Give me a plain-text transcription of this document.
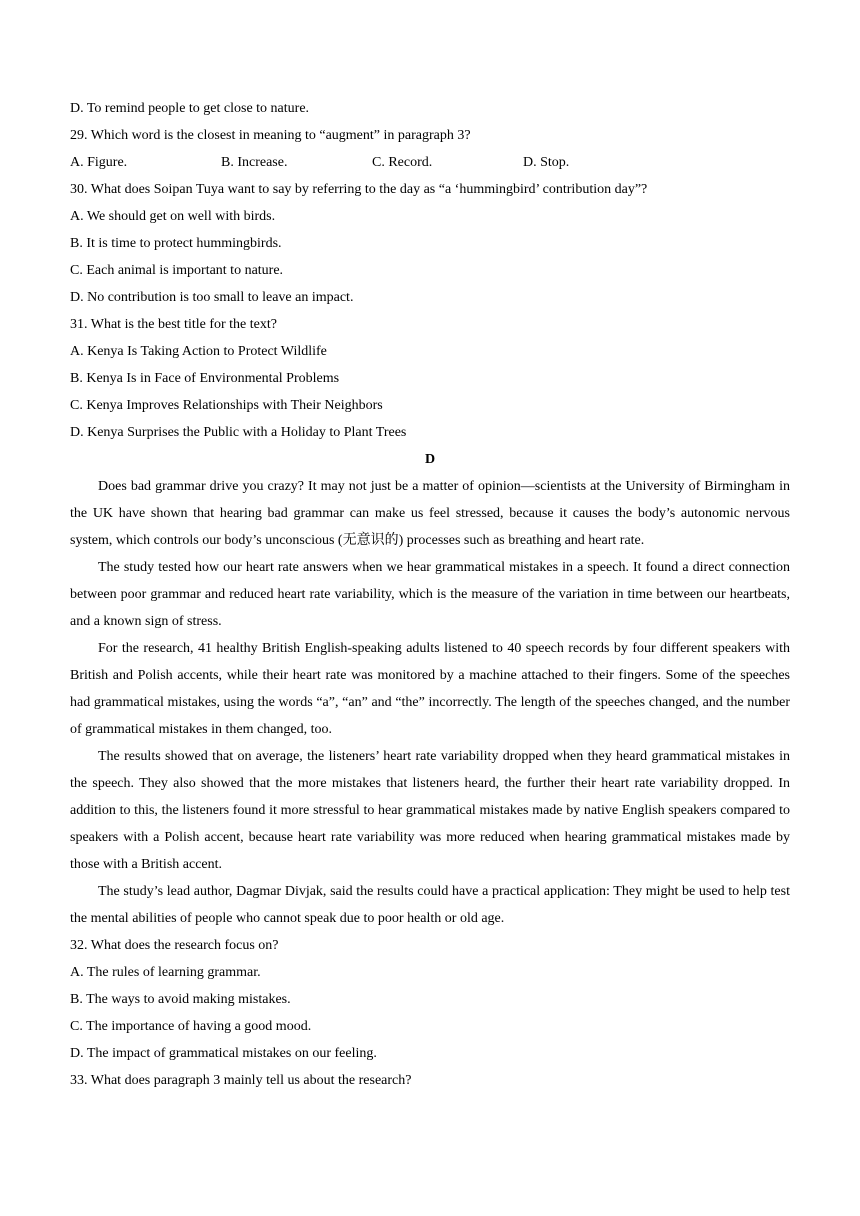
D. To remind people to get close to nature.
29. Which word is the closest in meaning to “augment” in paragraph 3?
A. Figure.	B. Increase.	C. Record.	D. Stop.
30. What does Soipan Tuya want to say by referring to the day as “a ‘hummingbird’ contribution day”?
A. We should get on well with birds.
B. It is time to protect hummingbirds.
C. Each animal is important to nature.
D. No contribution is too small to leave an impact.
31. What is the best title for the text?
A. Kenya Is Taking Action to Protect Wildlife
B. Kenya Is in Face of Environmental Problems
C. Kenya Improves Relationships with Their Neighbors
D. Kenya Surprises the Public with a Holiday to Plant Trees
D

Does bad grammar drive you crazy? It may not just be a matter of opinion—scientists at the University of Birmingham in the UK have shown that hearing bad grammar can make us feel stressed, because it causes the body’s autonomic nervous system, which controls our body’s unconscious (无意识的) processes such as breathing and heart rate.

The study tested how our heart rate answers when we hear grammatical mistakes in a speech. It found a direct connection between poor grammar and reduced heart rate variability, which is the measure of the variation in time between our heartbeats, and a known sign of stress.

For the research, 41 healthy British English-speaking adults listened to 40 speech records by four different speakers with British and Polish accents, while their heart rate was monitored by a machine attached to their fingers. Some of the speeches had grammatical mistakes, using the words “a”, “an” and “the” incorrectly. The length of the speeches changed, and the number of grammatical mistakes in them changed, too.

The results showed that on average, the listeners’ heart rate variability dropped when they heard grammatical mistakes in the speech. They also showed that the more mistakes that listeners heard, the further their heart rate variability dropped. In addition to this, the listeners found it more stressful to hear grammatical mistakes made by native English speakers compared to speakers with a Polish accent, because heart rate variability was more reduced when hearing grammatical mistakes made by those with a British accent.

The study’s lead author, Dagmar Divjak, said the results could have a practical application: They might be used to help test the mental abilities of people who cannot speak due to poor health or old age.

32. What does the research focus on?
A. The rules of learning grammar.
B. The ways to avoid making mistakes.
C. The importance of having a good mood.
D. The impact of grammatical mistakes on our feeling.
33. What does paragraph 3 mainly tell us about the research?
